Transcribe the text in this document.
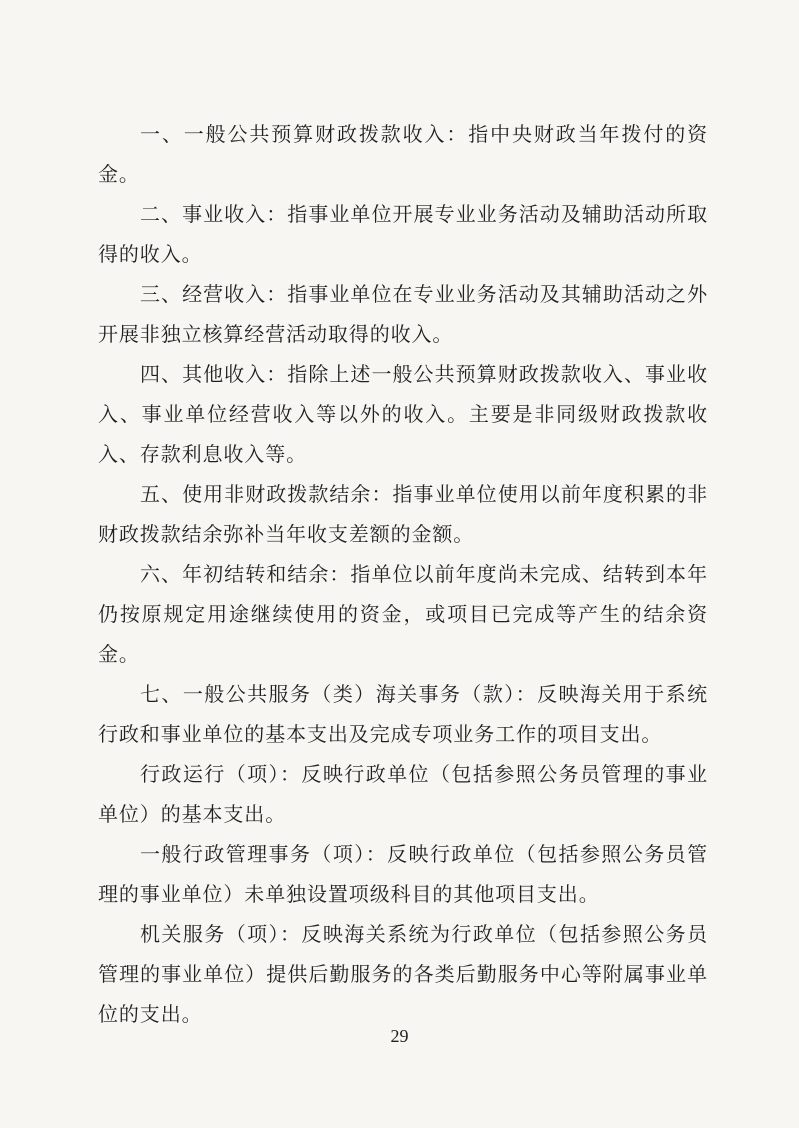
一、一般公共预算财政拨款收入：指中央财政当年拨付的资金。

二、事业收入：指事业单位开展专业业务活动及辅助活动所取得的收入。

三、经营收入：指事业单位在专业业务活动及其辅助活动之外开展非独立核算经营活动取得的收入。

四、其他收入：指除上述一般公共预算财政拨款收入、事业收入、事业单位经营收入等以外的收入。主要是非同级财政拨款收入、存款利息收入等。

五、使用非财政拨款结余：指事业单位使用以前年度积累的非财政拨款结余弥补当年收支差额的金额。

六、年初结转和结余：指单位以前年度尚未完成、结转到本年仍按原规定用途继续使用的资金，或项目已完成等产生的结余资金。

七、一般公共服务（类）海关事务（款）：反映海关用于系统行政和事业单位的基本支出及完成专项业务工作的项目支出。

行政运行（项）：反映行政单位（包括参照公务员管理的事业单位）的基本支出。

一般行政管理事务（项）：反映行政单位（包括参照公务员管理的事业单位）未单独设置项级科目的其他项目支出。

机关服务（项）：反映海关系统为行政单位（包括参照公务员管理的事业单位）提供后勤服务的各类后勤服务中心等附属事业单位的支出。

29
